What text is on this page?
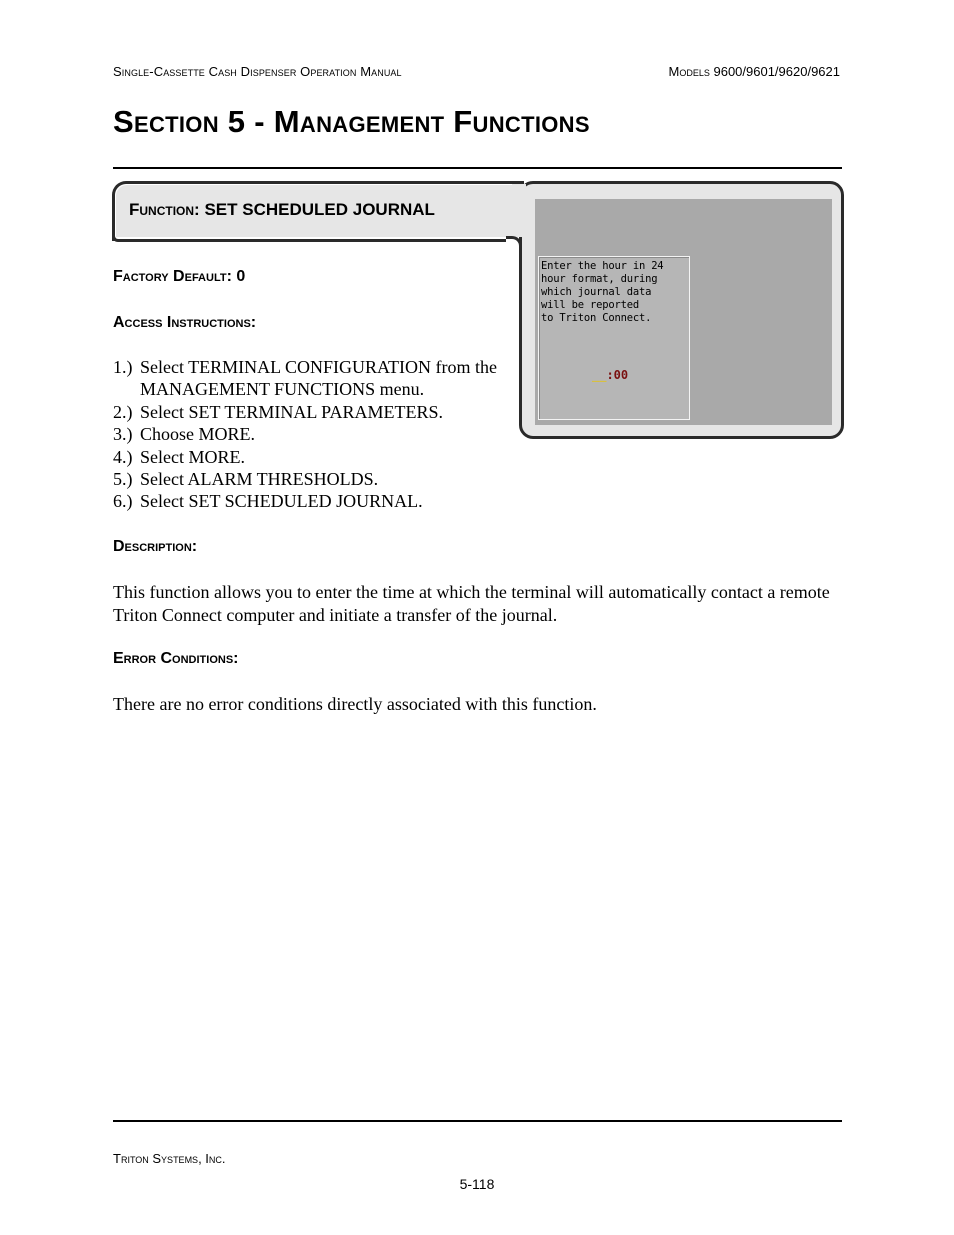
Single-Cassette Cash Dispenser Operation Manual	Models 9600/9601/9620/9621
Section 5 - Management Functions
Function: SET SCHEDULED JOURNAL
Enter the hour in 24
hour format, during
which journal data
will be reported
to Triton Connect.
__:00
Factory Default: 0
Access Instructions:
1.) Select TERMINAL CONFIGURATION from the MANAGEMENT FUNCTIONS menu.
2.) Select SET TERMINAL PARAMETERS.
3.) Choose MORE.
4.) Select MORE.
5.) Select ALARM THRESHOLDS.
6.) Select SET SCHEDULED JOURNAL.
Description:

This function allows you to enter the time at which the terminal will automatically contact a remote Triton Connect computer and initiate a transfer of the journal.

Error Conditions:

There are no error conditions directly associated with this function.

Triton Systems, Inc.
5-118
